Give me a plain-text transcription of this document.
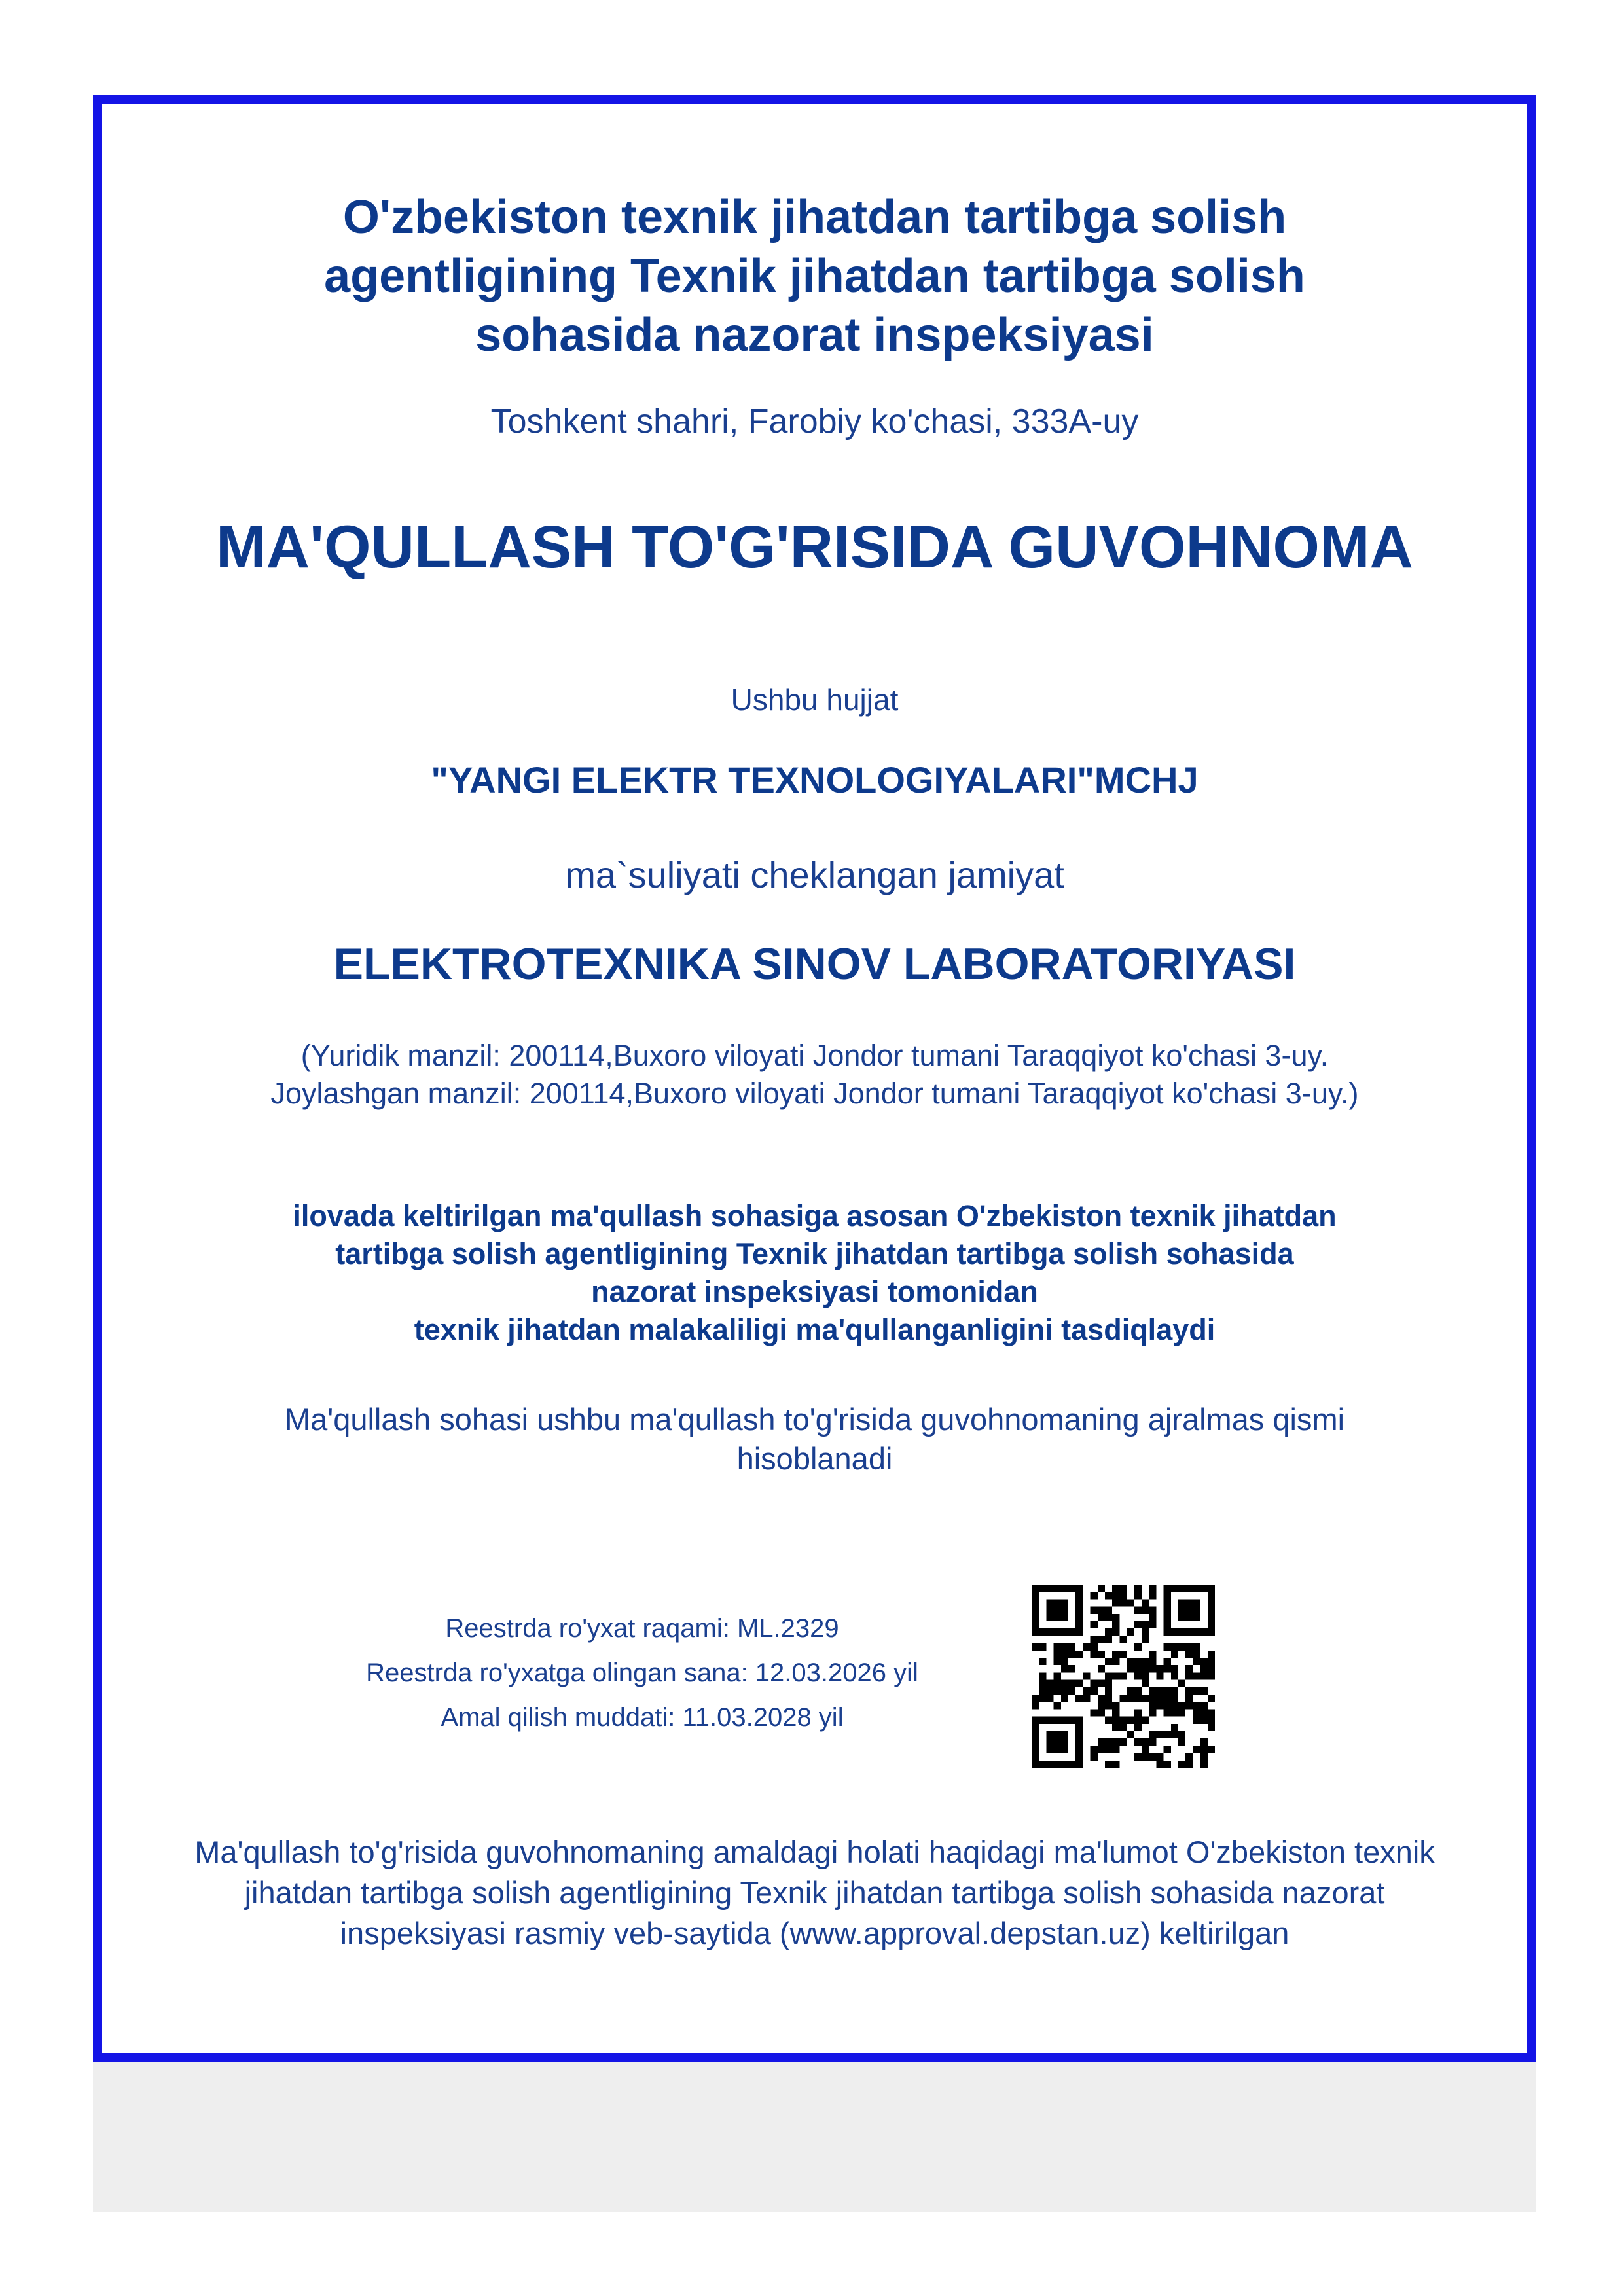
O'zbekiston texnik jihatdan tartibga solish agentligining Texnik jihatdan tartibga solish sohasida nazorat inspeksiyasi
Toshkent shahri, Farobiy ko'chasi, 333A-uy
MA'QULLASH TO'G'RISIDA GUVOHNOMA
Ushbu hujjat
"YANGI ELEKTR TEXNOLOGIYALARI"MCHJ
ma`suliyati cheklangan jamiyat
ELEKTROTEXNIKA SINOV LABORATORIYASI
(Yuridik manzil: 200114,Buxoro viloyati Jondor tumani Taraqqiyot ko'chasi 3-uy.
Joylashgan manzil: 200114,Buxoro viloyati Jondor tumani Taraqqiyot ko'chasi 3-uy.)
ilovada keltirilgan ma'qullash sohasiga asosan O'zbekiston texnik jihatdan
tartibga solish agentligining Texnik jihatdan tartibga solish sohasida
nazorat inspeksiyasi tomonidan
texnik jihatdan malakaliligi ma'qullanganligini tasdiqlaydi
Ma'qullash sohasi ushbu ma'qullash to'g'risida guvohnomaning ajralmas qismi hisoblanadi
Reestrda ro'yxat raqami: ML.2329
Reestrda ro'yxatga olingan sana: 12.03.2026 yil
Amal qilish muddati: 11.03.2028 yil
Ma'qullash to'g'risida guvohnomaning amaldagi holati haqidagi ma'lumot O'zbekiston texnik jihatdan tartibga solish agentligining Texnik jihatdan tartibga solish sohasida nazorat inspeksiyasi rasmiy veb-saytida (www.approval.depstan.uz) keltirilgan
